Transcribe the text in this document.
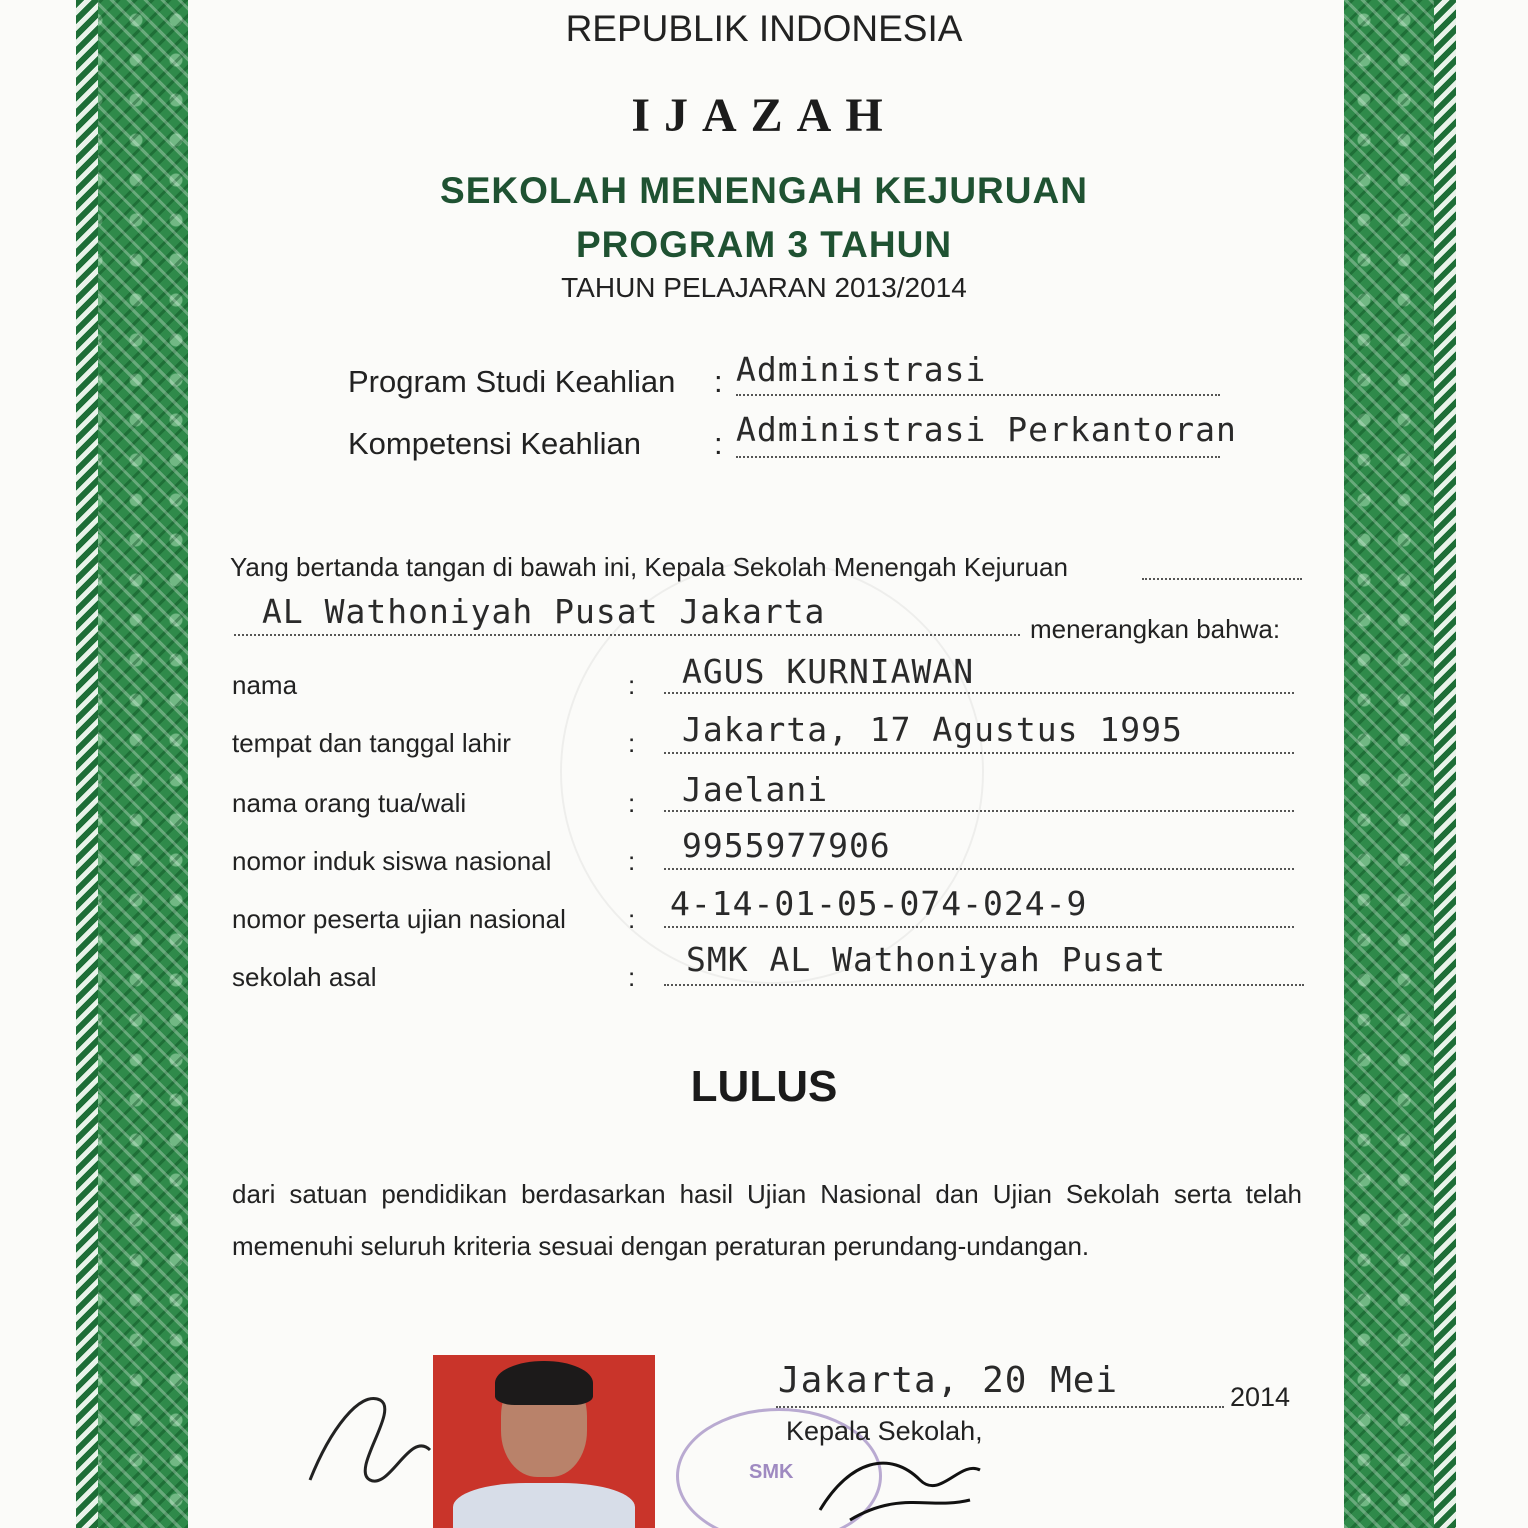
REPUBLIK INDONESIA
IJAZAH
SEKOLAH MENENGAH KEJURUAN
PROGRAM 3 TAHUN
TAHUN PELAJARAN 2013/2014
Program Studi Keahlian : Administrasi
Kompetensi Keahlian : Administrasi Perkantoran
Yang bertanda tangan di bawah ini, Kepala Sekolah Menengah Kejuruan
AL Wathoniyah Pusat Jakarta	menerangkan bahwa:
nama	: AGUS KURNIAWAN
tempat dan tanggal lahir	: Jakarta, 17 Agustus 1995
nama orang tua/wali	: Jaelani
nomor induk siswa nasional	: 9955977906
nomor peserta ujian nasional : 4-14-01-05-074-024-9
sekolah asal	: SMK AL Wathoniyah Pusat
LULUS
dari satuan pendidikan berdasarkan hasil Ujian Nasional dan Ujian Sekolah serta telah memenuhi seluruh kriteria sesuai dengan peraturan perundang-undangan.
SMK
Jakarta, 20 Mei	2014
Kepala Sekolah,
